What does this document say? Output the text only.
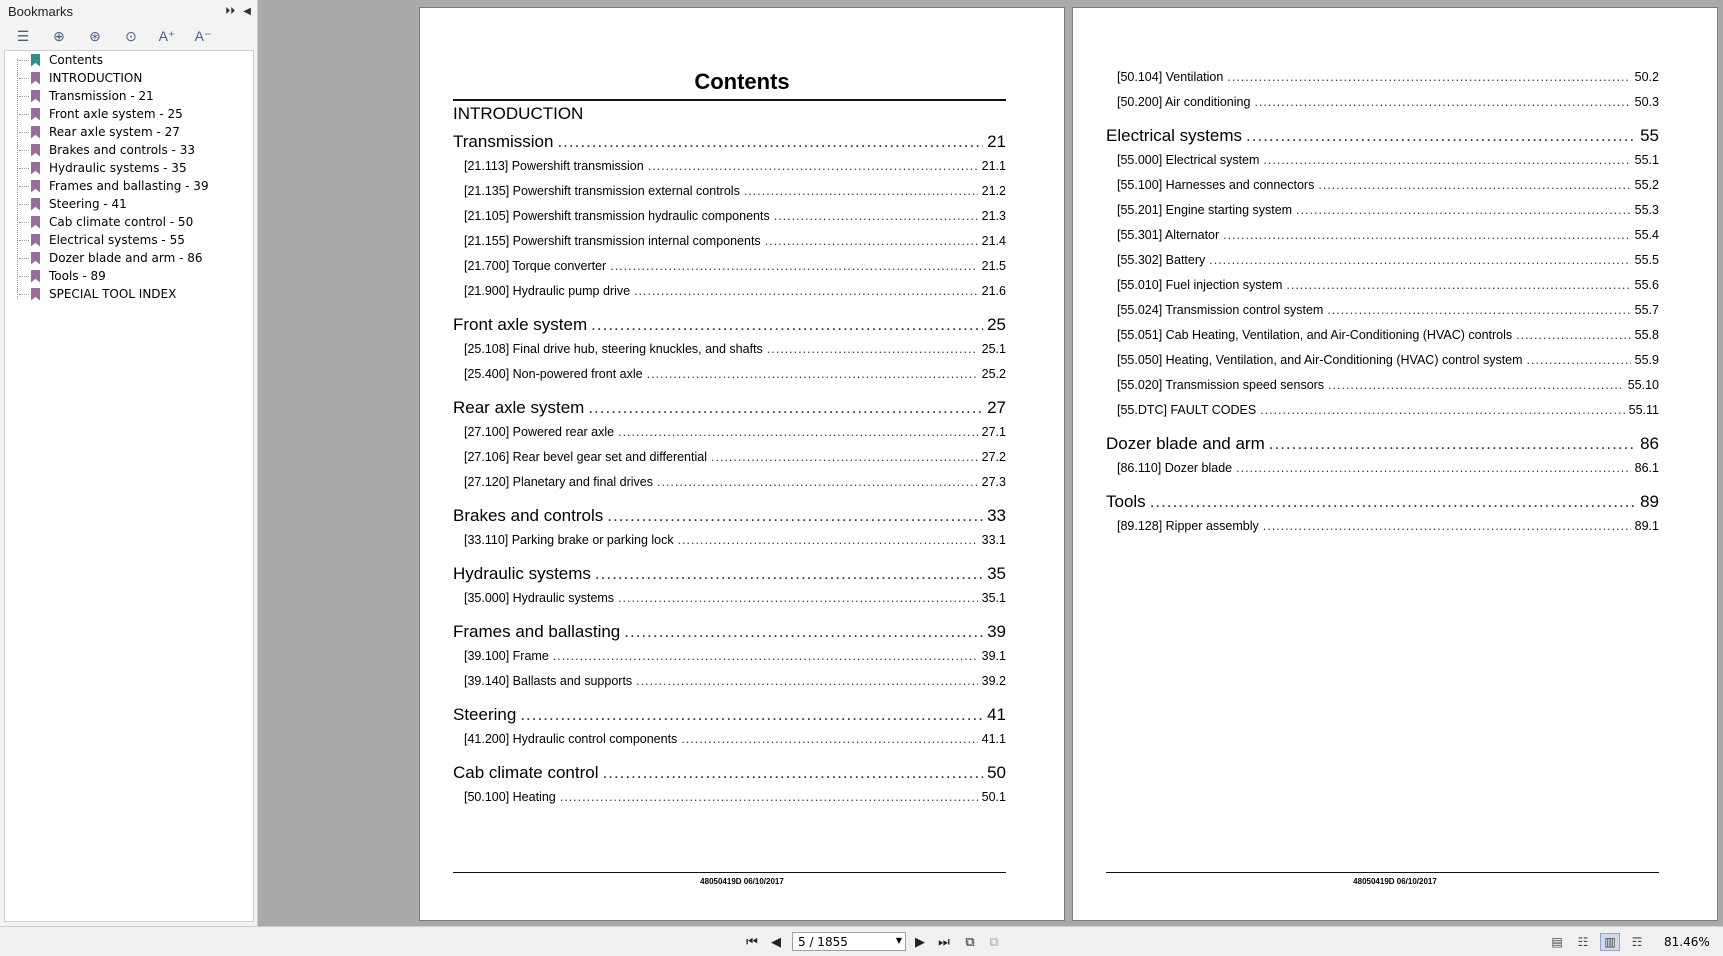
Bookmarks	⏵⏵ ◀
☰	⊕	⊛	⊙	A⁺ A⁻
Contents
INTRODUCTION
Transmission - 21
Front axle system - 25
Rear axle system - 27
Brakes and controls - 33
Hydraulic systems - 35
Frames and ballasting - 39
Steering - 41
Cab climate control - 50
Electrical systems - 55
Dozer blade and arm - 86
Tools - 89
SPECIAL TOOL INDEX
Contents
INTRODUCTION
Transmission .....	21
[21.113] Powershift transmission .....	21.1
[21.135] Powershift transmission external controls .....	21.2
[21.105] Powershift transmission hydraulic components .....	21.3
[21.155] Powershift transmission internal components .....	21.4
[21.700] Torque converter .....	21.5
[21.900] Hydraulic pump drive .....	21.6
Front axle system .....	25
[25.108] Final drive hub, steering knuckles, and shafts .....	25.1
[25.400] Non-powered front axle .....	25.2
Rear axle system .....	27
[27.100] Powered rear axle .....	27.1
[27.106] Rear bevel gear set and differential .....	27.2
[27.120] Planetary and final drives .....	27.3
Brakes and controls .....	33
[33.110] Parking brake or parking lock .....	33.1
Hydraulic systems .....	35
[35.000] Hydraulic systems .....	35.1
Frames and ballasting .....	39
[39.100] Frame .....	39.1
[39.140] Ballasts and supports .....	39.2
Steering .....	41
[41.200] Hydraulic control components .....	41.1
Cab climate control .....	50
[50.100] Heating .....	50.1
48050419D 06/10/2017
[50.104] Ventilation .....	50.2
[50.200] Air conditioning .....	50.3
Electrical systems .....	55
[55.000] Electrical system .....	55.1
[55.100] Harnesses and connectors .....	55.2
[55.201] Engine starting system .....	55.3
[55.301] Alternator .....	55.4
[55.302] Battery .....	55.5
[55.010] Fuel injection system .....	55.6
[55.024] Transmission control system .....	55.7
[55.051] Cab Heating, Ventilation, and Air-Conditioning (HVAC) controls .....	55.8
[55.050] Heating, Ventilation, and Air-Conditioning (HVAC) control system .....	55.9
[55.020] Transmission speed sensors .....	55.10
[55.DTC] FAULT CODES .....	55.11
Dozer blade and arm .....	86
[86.110] Dozer blade .....	86.1
Tools .....	89
[89.128] Ripper assembly .....	89.1
48050419D 06/10/2017
⏮	◀	5 / 1855	▼	▶	⏭	⧉	⧉	▤	☷	▥	☶	81.46%
